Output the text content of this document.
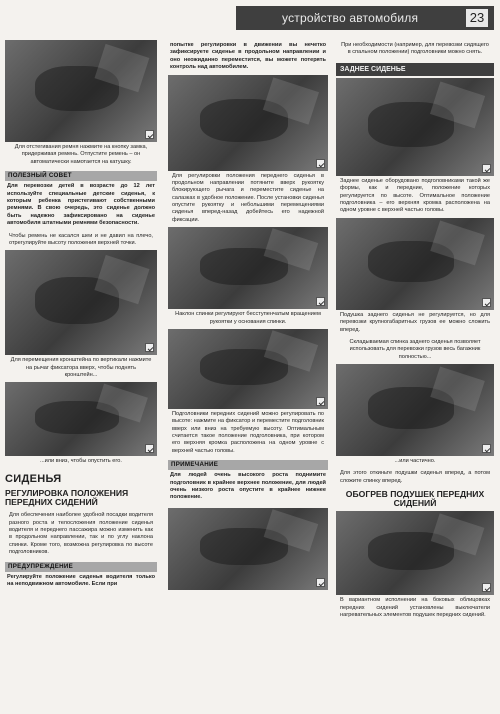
устройство автомобиля	23
Для отстегивания ремня нажмите на кнопку замка, придерживая ремень. Отпустите ремень – он автоматически намотается на катушку.
ПОЛЕЗНЫЙ СОВЕТ
Для перевозки детей в возрасте до 12 лет используйте специальные детские сиденья, к которым ребенка пристегивают собственными ремнями. В свою очередь, это сиденье должно быть надежно зафиксировано на сиденье автомобиля штатными ремнями безопасности.
Чтобы ремень не касался шеи и не давил на плечо, отрегулируйте высоту положения верхней точки.
Для перемещения кронштейна по вертикали нажмите на рычаг фиксатора вверх, чтобы поднять кронштейн...
...или вниз, чтобы опустить его.
СИДЕНЬЯ
РЕГУЛИРОВКА ПОЛОЖЕНИЯ ПЕРЕДНИХ СИДЕНИЙ
Для обеспечения наиболее удобной посадки водителя разного роста и телосложения положение сиденья водителя и переднего пассажира можно изменить как в продольном направлении, так и по углу наклона спинки. Кроме того, возможна регулировка по высоте подголовников.
ПРЕДУПРЕЖДЕНИЕ
Регулируйте положение сиденья водителя только на неподвижном автомобиле. Если при
попытке регулировки в движении вы нечетко зафиксируете сиденье в продольном направлении и оно неожиданно переместится, вы можете потерять контроль над автомобилем.
Для регулировки положения переднего сиденья в продольном направлении потяните вверх рукоятку блокирующего рычага и переместите сиденье на салазках в удобное положение. После установки сиденья опустите рукоятку и небольшими перемещениями сиденья вперед-назад добейтесь его надежной фиксации.
Наклон спинки регулируют бесступенчатым вращением рукоятки у основания спинки.
Подголовники передних сидений можно регулировать по высоте: нажмите на фиксатор и переместите подголовник вверх или вниз на требуемую высоту. Оптимальным считается такое положение подголовника, при котором его верхняя кромка расположена на одном уровне с верхней частью головы.
ПРИМЕЧАНИЕ
Для людей очень высокого роста поднимите подголовник в крайнее верхнее положение, для людей очень низкого роста опустите в крайнее нижнее положение.
При необходимости (например, для перевозки сидящего в спальном положении) подголовники можно снять.
ЗАДНЕЕ СИДЕНЬЕ
Заднее сиденье оборудовано подголовниками такой же формы, как и передние, положение которых регулируется по высоте. Оптимальное положение подголовника – его верхняя кромка расположена на одном уровне с верхней частью головы.
Подушка заднего сиденья не регулируется, но для перевозки крупногабаритных грузов ее можно сложить вперед.
Складываемая спинка заднего сиденья позволяет использовать для перевозки грузов весь багажник полностью...
...или частично.
Для этого откиньте подушки сиденья вперед, а потом сложите спинку вперед.
ОБОГРЕВ ПОДУШЕК ПЕРЕДНИХ СИДЕНИЙ
В вариантном исполнении на боковых облицовках передних сидений установлены выключатели нагревательных элементов подушек передних сидений.
